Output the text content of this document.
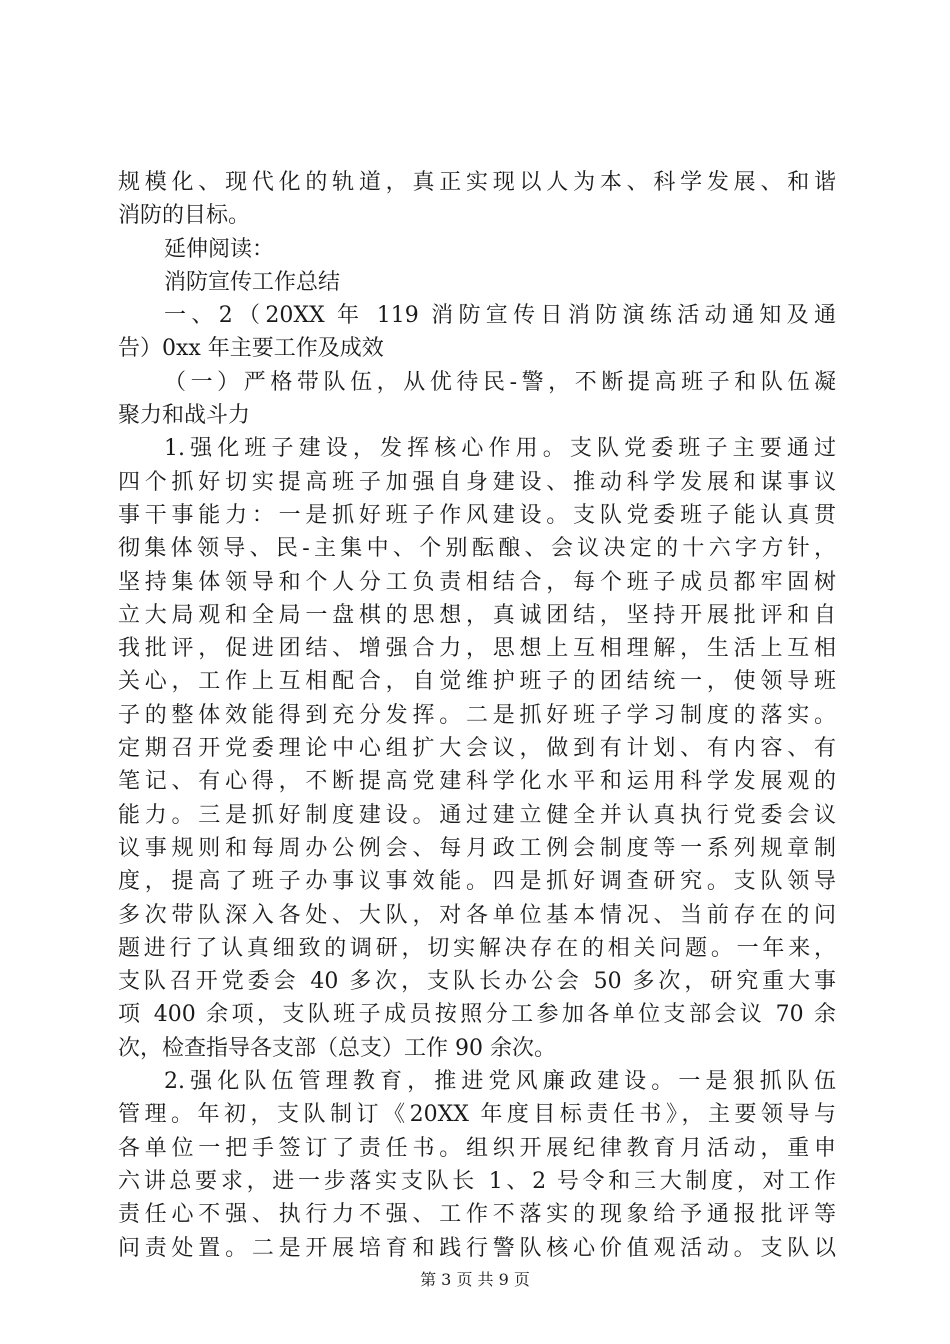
规模化、现代化的轨道，真正实现以人为本、科学发展、和谐
消防的目标。
延伸阅读：
消防宣传工作总结
一、2（20XX 年 119 消防宣传日消防演练活动通知及通
告）0xx 年主要工作及成效
（一）严格带队伍，从优待民-警，不断提高班子和队伍凝
聚力和战斗力
1.强化班子建设，发挥核心作用。支队党委班子主要通过
四个抓好切实提高班子加强自身建设、推动科学发展和谋事议
事干事能力：一是抓好班子作风建设。支队党委班子能认真贯
彻集体领导、民-主集中、个别酝酿、会议决定的十六字方针，
坚持集体领导和个人分工负责相结合，每个班子成员都牢固树
立大局观和全局一盘棋的思想，真诚团结，坚持开展批评和自
我批评，促进团结、增强合力，思想上互相理解，生活上互相
关心，工作上互相配合，自觉维护班子的团结统一，使领导班
子的整体效能得到充分发挥。二是抓好班子学习制度的落实。
定期召开党委理论中心组扩大会议，做到有计划、有内容、有
笔记、有心得，不断提高党建科学化水平和运用科学发展观的
能力。三是抓好制度建设。通过建立健全并认真执行党委会议
议事规则和每周办公例会、每月政工例会制度等一系列规章制
度，提高了班子办事议事效能。四是抓好调查研究。支队领导
多次带队深入各处、大队，对各单位基本情况、当前存在的问
题进行了认真细致的调研，切实解决存在的相关问题。一年来，
支队召开党委会 40 多次，支队长办公会 50 多次，研究重大事
项 400 余项，支队班子成员按照分工参加各单位支部会议 70 余
次，检查指导各支部（总支）工作 90 余次。
2.强化队伍管理教育，推进党风廉政建设。一是狠抓队伍
管理。年初，支队制订《20XX 年度目标责任书》，主要领导与
各单位一把手签订了责任书。组织开展纪律教育月活动，重申
六讲总要求，进一步落实支队长 1、2 号令和三大制度，对工作
责任心不强、执行力不强、工作不落实的现象给予通报批评等
问责处置。二是开展培育和践行警队核心价值观活动。支队以
第 3 页 共 9 页
